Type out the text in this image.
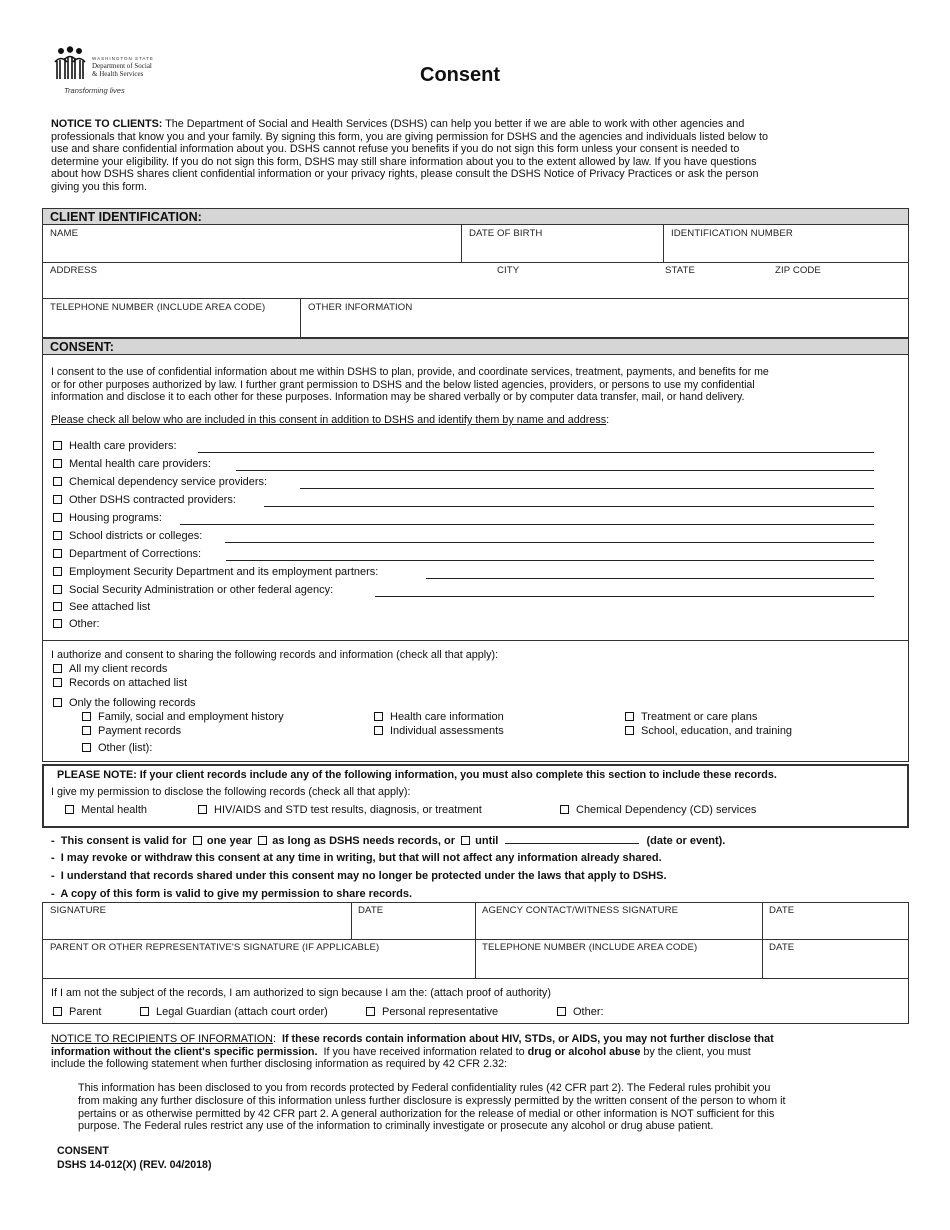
WASHINGTON STATE
Department of Social
& Health Services
Transforming lives
Consent
NOTICE TO CLIENTS: The Department of Social and Health Services (DSHS) can help you better if we are able to work with other agencies and
professionals that know you and your family. By signing this form, you are giving permission for DSHS and the agencies and individuals listed below to
use and share confidential information about you. DSHS cannot refuse you benefits if you do not sign this form unless your consent is needed to
determine your eligibility. If you do not sign this form, DSHS may still share information about you to the extent allowed by law. If you have questions
about how DSHS shares client confidential information or your privacy rights, please consult the DSHS Notice of Privacy Practices or ask the person
giving you this form.
CLIENT IDENTIFICATION:
NAME	DATE OF BIRTH	IDENTIFICATION NUMBER
ADDRESS	CITY	STATE	ZIP CODE
TELEPHONE NUMBER (INCLUDE AREA CODE)	OTHER INFORMATION
CONSENT:
I consent to the use of confidential information about me within DSHS to plan, provide, and coordinate services, treatment, payments, and benefits for me
or for other purposes authorized by law. I further grant permission to DSHS and the below listed agencies, providers, or persons to use my confidential
information and disclose it to each other for these purposes. Information may be shared verbally or by computer data transfer, mail, or hand delivery.
Please check all below who are included in this consent in addition to DSHS and identify them by name and address:
Health care providers:
Mental health care providers:
Chemical dependency service providers:
Other DSHS contracted providers:
Housing programs:
School districts or colleges:
Department of Corrections:
Employment Security Department and its employment partners:
Social Security Administration or other federal agency:
See attached list
Other:
I authorize and consent to sharing the following records and information (check all that apply):
All my client records
Records on attached list
Only the following records
Family, social and employment history	Health care information	Treatment or care plans
Payment records	Individual assessments	School, education, and training
Other (list):
PLEASE NOTE: If your client records include any of the following information, you must also complete this section to include these records.
I give my permission to disclose the following records (check all that apply):
Mental health	HIV/AIDS and STD test results, diagnosis, or treatment	Chemical Dependency (CD) services
- This consent is valid for one year as long as DSHS needs records, or until	(date or event).
- I may revoke or withdraw this consent at any time in writing, but that will not affect any information already shared.
- I understand that records shared under this consent may no longer be protected under the laws that apply to DSHS.
- A copy of this form is valid to give my permission to share records.
SIGNATURE	DATE	AGENCY CONTACT/WITNESS SIGNATURE	DATE
PARENT OR OTHER REPRESENTATIVE'S SIGNATURE (IF APPLICABLE)	TELEPHONE NUMBER (INCLUDE AREA CODE)	DATE
If I am not the subject of the records, I am authorized to sign because I am the: (attach proof of authority)
Parent	Legal Guardian (attach court order)	Personal representative	Other:
NOTICE TO RECIPIENTS OF INFORMATION: If these records contain information about HIV, STDs, or AIDS, you may not further disclose that
information without the client's specific permission. If you have received information related to drug or alcohol abuse by the client, you must
include the following statement when further disclosing information as required by 42 CFR 2.32:
This information has been disclosed to you from records protected by Federal confidentiality rules (42 CFR part 2). The Federal rules prohibit you
from making any further disclosure of this information unless further disclosure is expressly permitted by the written consent of the person to whom it
pertains or as otherwise permitted by 42 CFR part 2. A general authorization for the release of medial or other information is NOT sufficient for this
purpose. The Federal rules restrict any use of the information to criminally investigate or prosecute any alcohol or drug abuse patient.
CONSENT
DSHS 14-012(X) (REV. 04/2018)
